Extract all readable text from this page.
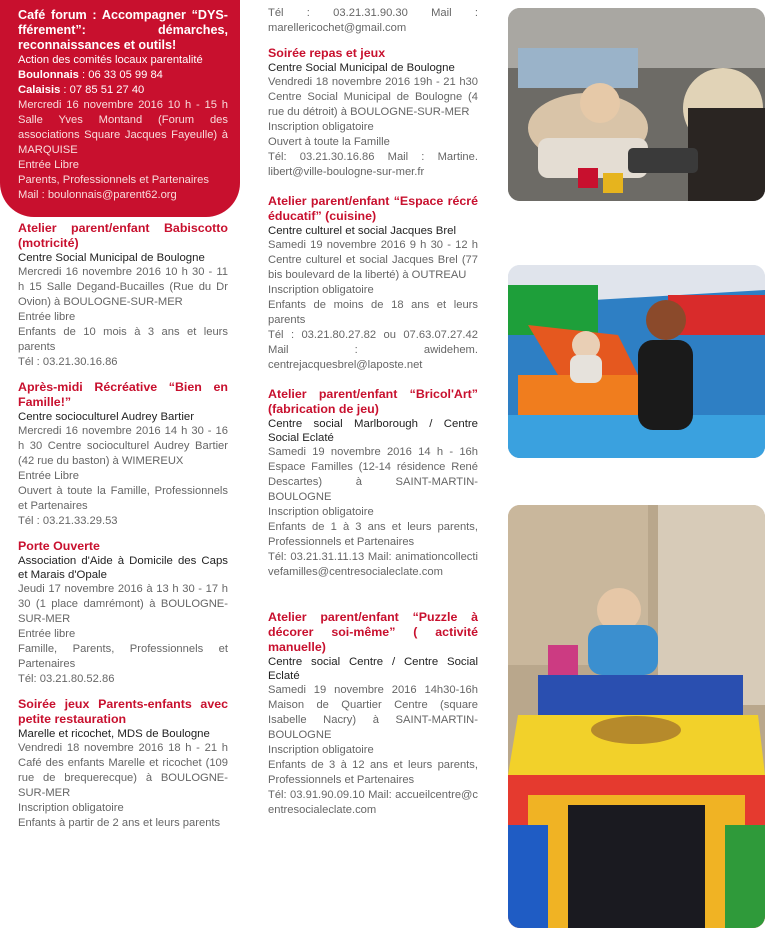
Café forum : Accompagner “DYS-fférement”: démarches, reconnaissances et outils!
Action des comités locaux parentalité
Boulonnais : 06 33 05 99 84
Calaisis : 07 85 51 27 40
Mercredi 16 novembre 2016 10 h - 15 h Salle Yves Montand (Forum des associations Square Jacques Fayeulle) à MARQUISE
Entrée Libre
Parents, Professionnels et Partenaires
Mail : boulonnais@parent62.org
Atelier parent/enfant Babiscotto (motricité)
Centre Social Municipal de Boulogne
Mercredi 16 novembre 2016 10 h 30 - 11 h 15 Salle Degand-Bucailles (Rue du Dr Ovion) à BOULOGNE-SUR-MER
Entrée libre
Enfants de 10 mois à 3 ans et leurs parents
Tél : 03.21.30.16.86
Après-midi Récréative “Bien en Famille!”
Centre socioculturel Audrey Bartier
Mercredi 16 novembre 2016 14 h 30 - 16 h 30 Centre socioculturel Audrey Bartier (42 rue du baston) à WIMEREUX
Entrée Libre
Ouvert à toute la Famille, Professionnels et Partenaires
Tél : 03.21.33.29.53
Porte Ouverte
Association d'Aide à Domicile des Caps et Marais d'Opale
Jeudi 17 novembre 2016 à 13 h 30 - 17 h 30 (1 place damrémont) à BOULOGNE-SUR-MER
Entrée libre
Famille, Parents, Professionnels et Partenaires
Tél: 03.21.80.52.86
Soirée jeux Parents-enfants avec petite restauration
Marelle et ricochet, MDS de Boulogne
Vendredi 18 novembre 2016 18 h - 21 h Café des enfants Marelle et ricochet (109 rue de brequerecque) à BOULOGNE-SUR-MER
Inscription obligatoire
Enfants à partir de 2 ans et leurs parents
Tél : 03.21.31.90.30 Mail : marellericochet@gmail.com
Soirée repas et jeux
Centre Social Municipal de Boulogne
Vendredi 18 novembre 2016 19h - 21 h30 Centre Social Municipal de Boulogne (4 rue du détroit) à BOULOGNE-SUR-MER
Inscription obligatoire
Ouvert à toute la Famille
Tél: 03.21.30.16.86 Mail : Martine. libert@ville-boulogne-sur-mer.fr
Atelier parent/enfant “Espace récré éducatif” (cuisine)
Centre culturel et social Jacques Brel
Samedi 19 novembre 2016 9 h 30 - 12 h Centre culturel et social Jacques Brel (77 bis boulevard de la liberté) à OUTREAU
Inscription obligatoire
Enfants de moins de 18 ans et leurs parents
Tél : 03.21.80.27.82 ou 07.63.07.27.42 Mail : awidehem. centrejacquesbrel@laposte.net
Atelier parent/enfant “Bricol'Art” (fabrication de jeu)
Centre social Marlborough / Centre Social Eclaté
Samedi 19 novembre 2016 14 h - 16h Espace Familles (12-14 résidence René Descartes) à SAINT-MARTIN-BOULOGNE
Inscription obligatoire
Enfants de 1 à 3 ans et leurs parents, Professionnels et Partenaires
Tél: 03.21.31.11.13 Mail: animationcollectivefamilles@centresocialeclate.com
Atelier parent/enfant “Puzzle à décorer soi-même” ( activité manuelle)
Centre social Centre / Centre Social Eclaté
Samedi 19 novembre 2016 14h30-16h Maison de Quartier Centre (square Isabelle Nacry) à SAINT-MARTIN-BOULOGNE
Inscription obligatoire
Enfants de 3 à 12 ans et leurs parents, Professionnels et Partenaires
Tél: 03.91.90.09.10 Mail: accueilcentre@centresocialeclate.com
